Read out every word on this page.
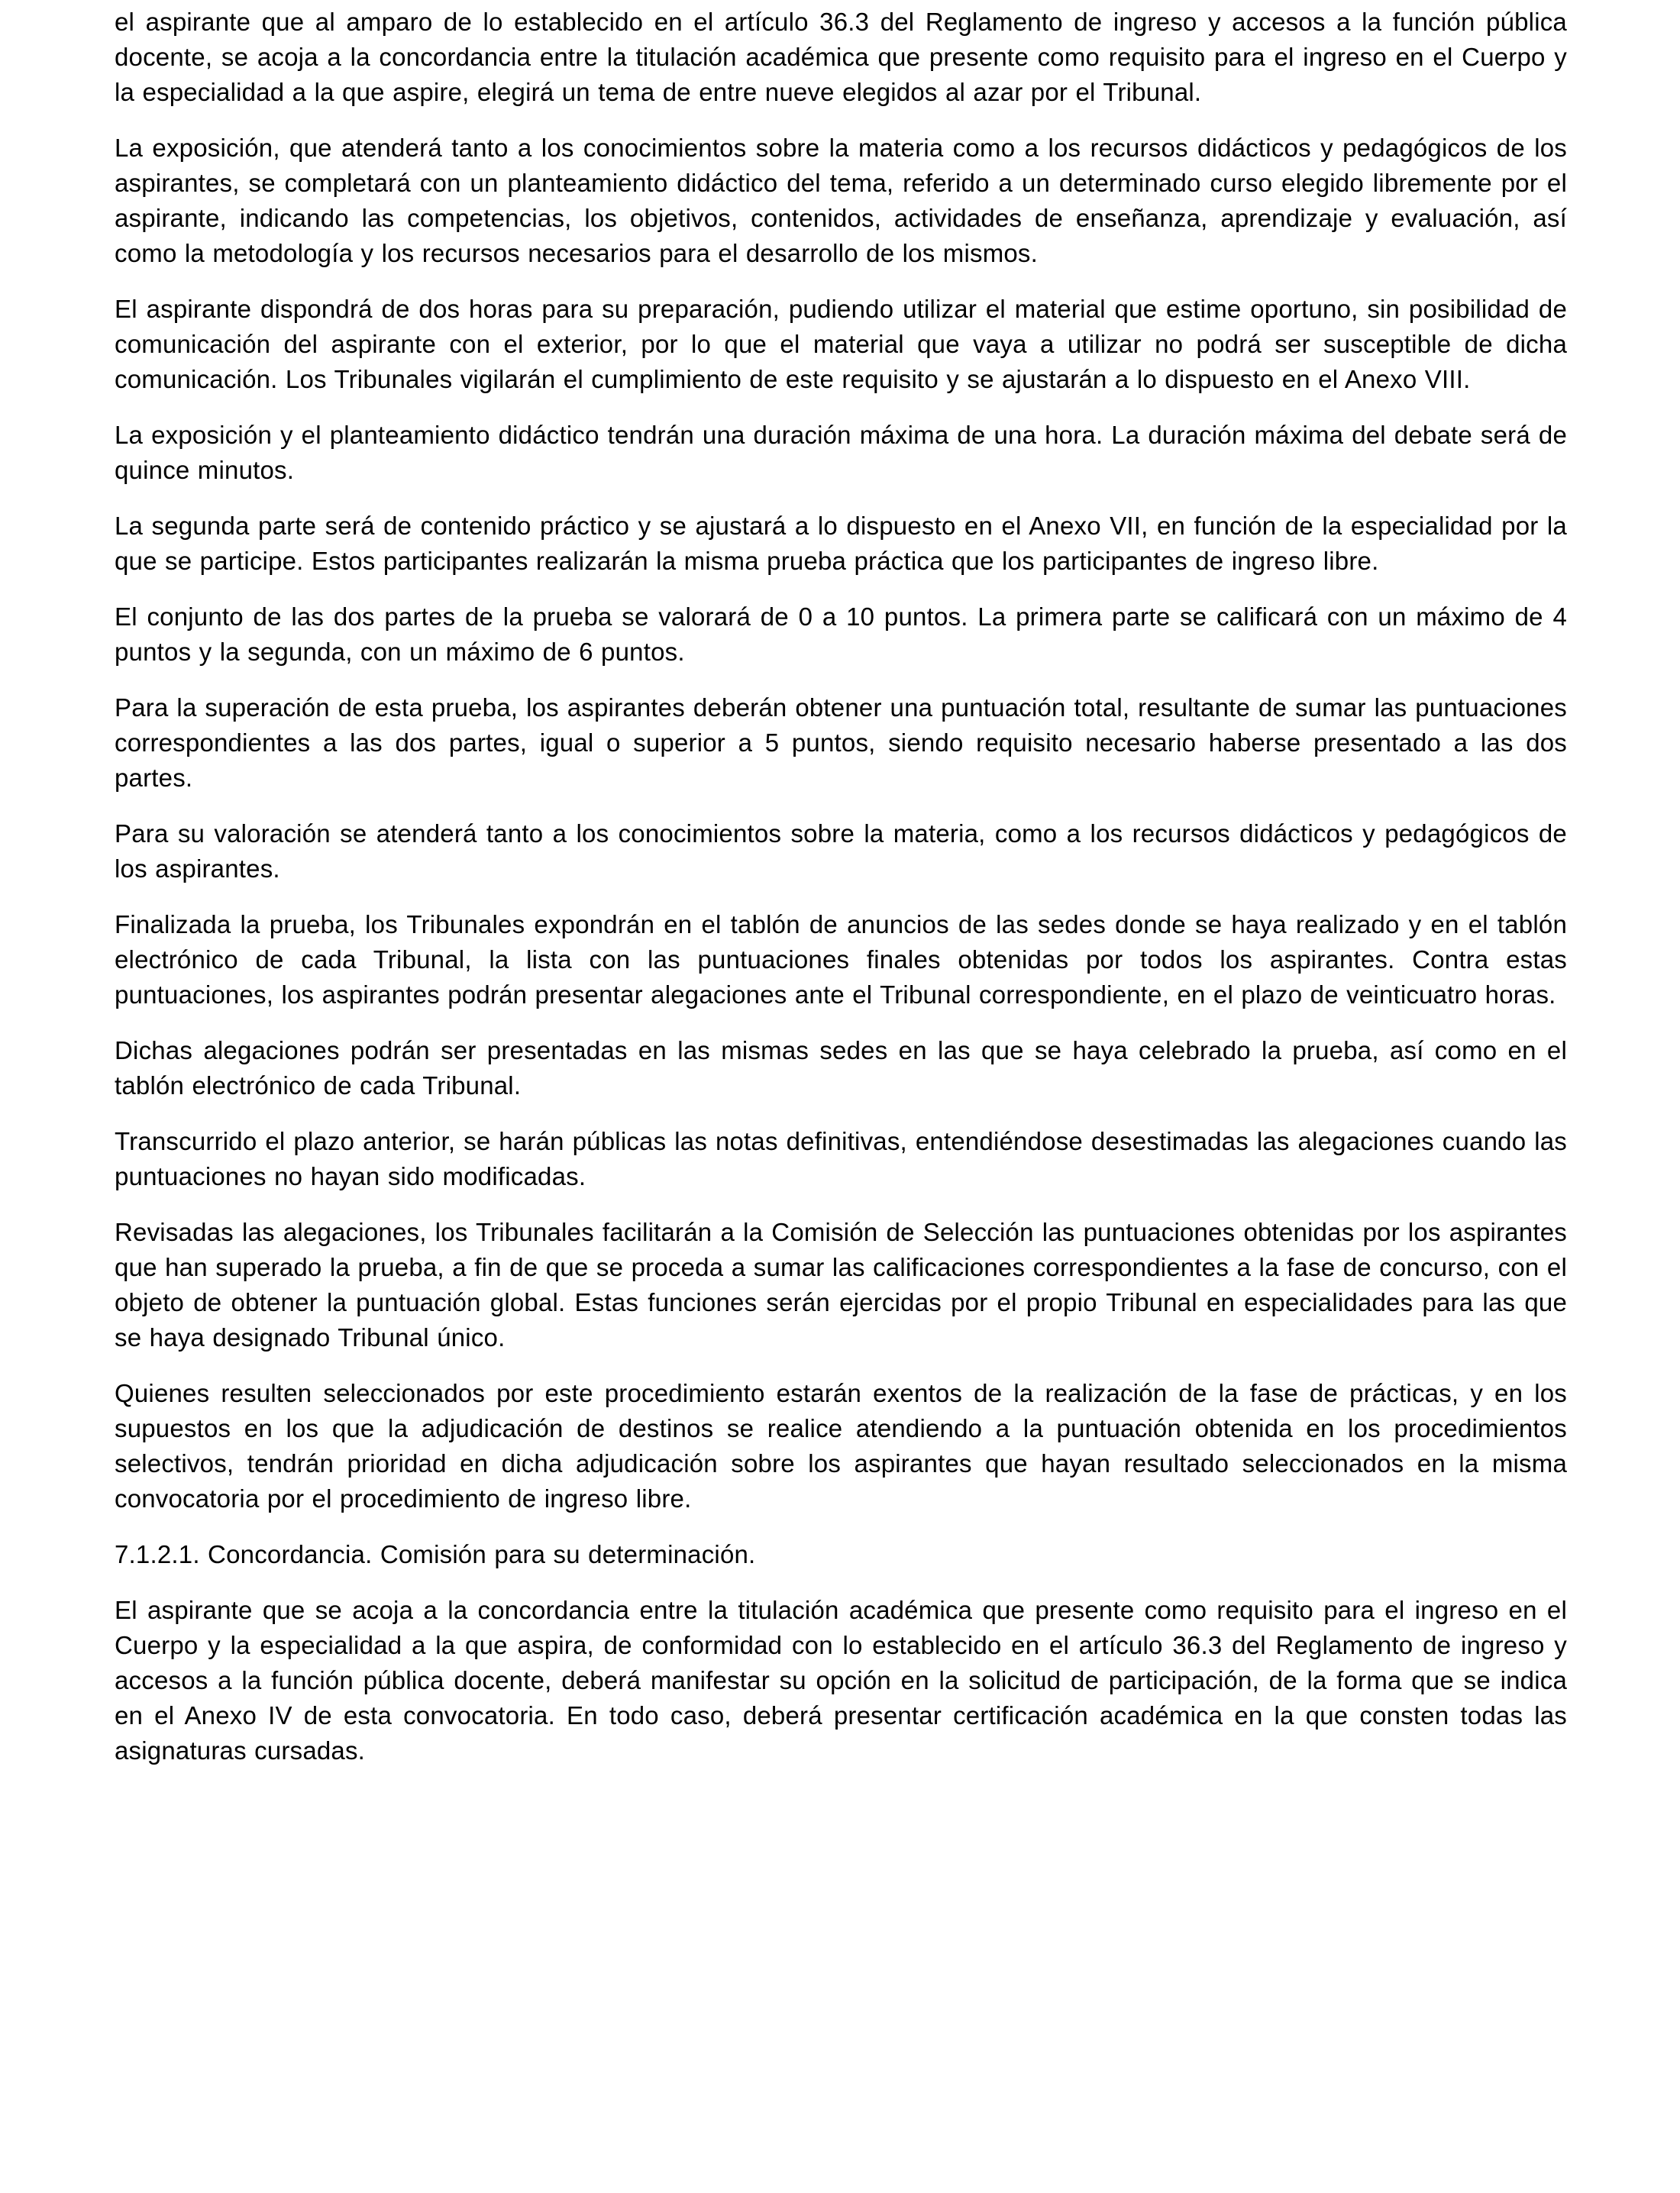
el aspirante que al amparo de lo establecido en el artículo 36.3 del Reglamento de ingreso y accesos a la función pública docente, se acoja a la concordancia entre la titulación académica que presente como requisito para el ingreso en el Cuerpo y la especialidad a la que aspire, elegirá un tema de entre nueve elegidos al azar por el Tribunal.

La exposición, que atenderá tanto a los conocimientos sobre la materia como a los recursos didácticos y pedagógicos de los aspirantes, se completará con un planteamiento didáctico del tema, referido a un determinado curso elegido libremente por el aspirante, indicando las competencias, los objetivos, contenidos, actividades de enseñanza, aprendizaje y evaluación, así como la metodología y los recursos necesarios para el desarrollo de los mismos.

El aspirante dispondrá de dos horas para su preparación, pudiendo utilizar el material que estime oportuno, sin posibilidad de comunicación del aspirante con el exterior, por lo que el material que vaya a utilizar no podrá ser susceptible de dicha comunicación. Los Tribunales vigilarán el cumplimiento de este requisito y se ajustarán a lo dispuesto en el Anexo VIII.

La exposición y el planteamiento didáctico tendrán una duración máxima de una hora. La duración máxima del debate será de quince minutos.

La segunda parte será de contenido práctico y se ajustará a lo dispuesto en el Anexo VII, en función de la especialidad por la que se participe. Estos participantes realizarán la misma prueba práctica que los participantes de ingreso libre.

El conjunto de las dos partes de la prueba se valorará de 0 a 10 puntos. La primera parte se calificará con un máximo de 4 puntos y la segunda, con un máximo de 6 puntos.

Para la superación de esta prueba, los aspirantes deberán obtener una puntuación total, resultante de sumar las puntuaciones correspondientes a las dos partes, igual o superior a 5 puntos, siendo requisito necesario haberse presentado a las dos partes.

Para su valoración se atenderá tanto a los conocimientos sobre la materia, como a los recursos didácticos y pedagógicos de los aspirantes.

Finalizada la prueba, los Tribunales expondrán en el tablón de anuncios de las sedes donde se haya realizado y en el tablón electrónico de cada Tribunal, la lista con las puntuaciones finales obtenidas por todos los aspirantes. Contra estas puntuaciones, los aspirantes podrán presentar alegaciones ante el Tribunal correspondiente, en el plazo de veinticuatro horas.

Dichas alegaciones podrán ser presentadas en las mismas sedes en las que se haya celebrado la prueba, así como en el tablón electrónico de cada Tribunal.

Transcurrido el plazo anterior, se harán públicas las notas definitivas, entendiéndose desestimadas las alegaciones cuando las puntuaciones no hayan sido modificadas.

Revisadas las alegaciones, los Tribunales facilitarán a la Comisión de Selección las puntuaciones obtenidas por los aspirantes que han superado la prueba, a fin de que se proceda a sumar las calificaciones correspondientes a la fase de concurso, con el objeto de obtener la puntuación global. Estas funciones serán ejercidas por el propio Tribunal en especialidades para las que se haya designado Tribunal único.

Quienes resulten seleccionados por este procedimiento estarán exentos de la realización de la fase de prácticas, y en los supuestos en los que la adjudicación de destinos se realice atendiendo a la puntuación obtenida en los procedimientos selectivos, tendrán prioridad en dicha adjudicación sobre los aspirantes que hayan resultado seleccionados en la misma convocatoria por el procedimiento de ingreso libre.

7.1.2.1. Concordancia. Comisión para su determinación.

El aspirante que se acoja a la concordancia entre la titulación académica que presente como requisito para el ingreso en el Cuerpo y la especialidad a la que aspira, de conformidad con lo establecido en el artículo 36.3 del Reglamento de ingreso y accesos a la función pública docente, deberá manifestar su opción en la solicitud de participación, de la forma que se indica en el Anexo IV de esta convocatoria. En todo caso, deberá presentar certificación académica en la que consten todas las asignaturas cursadas.
